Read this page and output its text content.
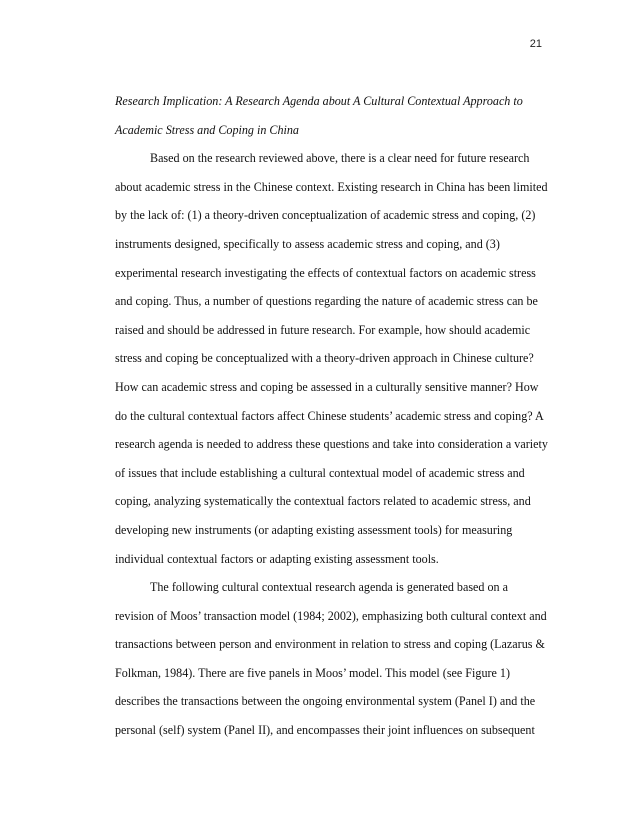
21
Research Implication: A Research Agenda about A Cultural Contextual Approach to
Academic Stress and Coping in China
Based on the research reviewed above, there is a clear need for future research
about academic stress in the Chinese context. Existing research in China has been limited
by the lack of: (1) a theory-driven conceptualization of academic stress and coping, (2)
instruments designed, specifically to assess academic stress and coping, and (3)
experimental research investigating the effects of contextual factors on academic stress
and coping. Thus, a number of questions regarding the nature of academic stress can be
raised and should be addressed in future research. For example, how should academic
stress and coping be conceptualized with a theory-driven approach in Chinese culture?
How can academic stress and coping be assessed in a culturally sensitive manner? How
do the cultural contextual factors affect Chinese students’ academic stress and coping? A
research agenda is needed to address these questions and take into consideration a variety
of issues that include establishing a cultural contextual model of academic stress and
coping, analyzing systematically the contextual factors related to academic stress, and
developing new instruments (or adapting existing assessment tools) for measuring
individual contextual factors or adapting existing assessment tools.
The following cultural contextual research agenda is generated based on a
revision of Moos’ transaction model (1984; 2002), emphasizing both cultural context and
transactions between person and environment in relation to stress and coping (Lazarus &
Folkman, 1984). There are five panels in Moos’ model. This model (see Figure 1)
describes the transactions between the ongoing environmental system (Panel I) and the
personal (self) system (Panel II), and encompasses their joint influences on subsequent
